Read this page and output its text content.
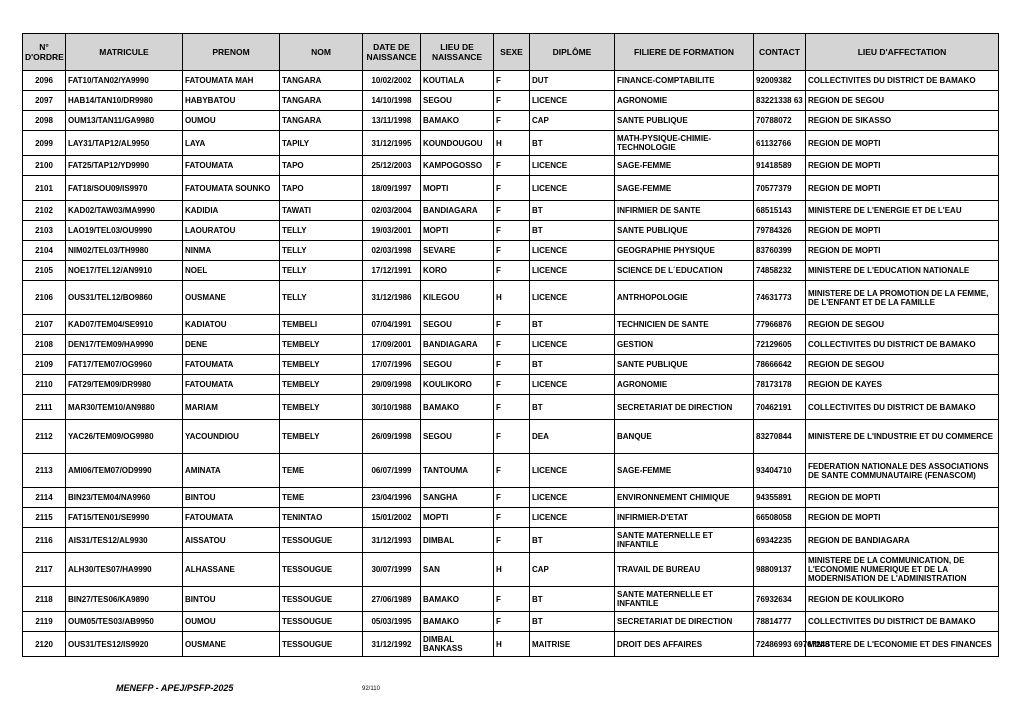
N° D'ORDRE	MATRICULE	PRENOM	NOM	DATE DE NAISSANCE	LIEU DE NAISSANCE	SEXE	DIPLÔME	FILIERE DE FORMATION	CONTACT	LIEU D'AFFECTATION
2096	FAT10/TAN02/YA9990	FATOUMATA MAH	TANGARA	10/02/2002	KOUTIALA	F	DUT	FINANCE-COMPTABILITE	92009382	COLLECTIVITES DU DISTRICT DE BAMAKO
2097	HAB14/TAN10/DR9980	HABYBATOU	TANGARA	14/10/1998	SEGOU	F	LICENCE	AGRONOMIE	83221338 63	REGION DE SEGOU
2098	OUM13/TAN11/GA9980	OUMOU	TANGARA	13/11/1998	BAMAKO	F	CAP	SANTE PUBLIQUE	70788072	REGION DE SIKASSO
2099	LAY31/TAP12/AL9950	LAYA	TAPILY	31/12/1995	KOUNDOUGOU	H	BT	MATH-PYSIQUE-CHIMIE-TECHNOLOGIE	61132766	REGION DE MOPTI
2100	FAT25/TAP12/YD9990	FATOUMATA	TAPO	25/12/2003	KAMPOGOSSO	F	LICENCE	SAGE-FEMME	91418589	REGION DE MOPTI
2101	FAT18/SOU09/IS9970	FATOUMATA SOUNKO	TAPO	18/09/1997	MOPTI	F	LICENCE	SAGE-FEMME	70577379	REGION DE MOPTI
2102	KAD02/TAW03/MA9990	KADIDIA	TAWATI	02/03/2004	BANDIAGARA	F	BT	INFIRMIER DE SANTE	68515143	MINISTERE DE L'ENERGIE ET DE L'EAU
2103	LAO19/TEL03/OU9990	LAOURATOU	TELLY	19/03/2001	MOPTI	F	BT	SANTE PUBLIQUE	79784326	REGION DE MOPTI
2104	NIM02/TEL03/TH9980	NINMA	TELLY	02/03/1998	SEVARE	F	LICENCE	GEOGRAPHIE PHYSIQUE	83760399	REGION DE MOPTI
2105	NOE17/TEL12/AN9910	NOEL	TELLY	17/12/1991	KORO	F	LICENCE	SCIENCE DE L´EDUCATION	74858232	MINISTERE DE L'EDUCATION NATIONALE
2106	OUS31/TEL12/BO9860	OUSMANE	TELLY	31/12/1986	KILEGOU	H	LICENCE	ANTRHOPOLOGIE	74631773	MINISTERE DE LA PROMOTION DE LA FEMME, DE L'ENFANT ET DE LA FAMILLE
2107	KAD07/TEM04/SE9910	KADIATOU	TEMBELI	07/04/1991	SEGOU	F	BT	TECHNICIEN DE SANTE	77966876	REGION DE SEGOU
2108	DEN17/TEM09/HA9990	DENE	TEMBELY	17/09/2001	BANDIAGARA	F	LICENCE	GESTION	72129605	COLLECTIVITES DU DISTRICT DE BAMAKO
2109	FAT17/TEM07/OG9960	FATOUMATA	TEMBELY	17/07/1996	SEGOU	F	BT	SANTE PUBLIQUE	78666642	REGION DE SEGOU
2110	FAT29/TEM09/DR9980	FATOUMATA	TEMBELY	29/09/1998	KOULIKORO	F	LICENCE	AGRONOMIE	78173178	REGION DE KAYES
2111	MAR30/TEM10/AN9880	MARIAM	TEMBELY	30/10/1988	BAMAKO	F	BT	SECRETARIAT DE DIRECTION	70462191	COLLECTIVITES DU DISTRICT DE BAMAKO
2112	YAC26/TEM09/OG9980	YACOUNDIOU	TEMBELY	26/09/1998	SEGOU	F	DEA	BANQUE	83270844	MINISTERE DE L'INDUSTRIE ET DU COMMERCE
2113	AMI06/TEM07/OD9990	AMINATA	TEME	06/07/1999	TANTOUMA	F	LICENCE	SAGE-FEMME	93404710	FEDERATION NATIONALE DES ASSOCIATIONS DE SANTE COMMUNAUTAIRE (FENASCOM)
2114	BIN23/TEM04/NA9960	BINTOU	TEME	23/04/1996	SANGHA	F	LICENCE	ENVIRONNEMENT CHIMIQUE	94355891	REGION DE MOPTI
2115	FAT15/TEN01/SE9990	FATOUMATA	TENINTAO	15/01/2002	MOPTI	F	LICENCE	INFIRMIER-D'ETAT	66508058	REGION DE MOPTI
2116	AIS31/TES12/AL9930	AISSATOU	TESSOUGUE	31/12/1993	DIMBAL	F	BT	SANTE MATERNELLE ET INFANTILE	69342235	REGION DE BANDIAGARA
2117	ALH30/TES07/HA9990	ALHASSANE	TESSOUGUE	30/07/1999	SAN	H	CAP	TRAVAIL DE BUREAU	98809137	MINISTERE DE LA COMMUNICATION, DE L'ECONOMIE NUMERIQUE ET DE LA MODERNISATION DE L'ADMINISTRATION
2118	BIN27/TES06/KA9890	BINTOU	TESSOUGUE	27/06/1989	BAMAKO	F	BT	SANTE MATERNELLE ET INFANTILE	76932634	REGION DE KOULIKORO
2119	OUM05/TES03/AB9950	OUMOU	TESSOUGUE	05/03/1995	BAMAKO	F	BT	SECRETARIAT DE DIRECTION	78814777	COLLECTIVITES DU DISTRICT DE BAMAKO
2120	OUS31/TES12/IS9920	OUSMANE	TESSOUGUE	31/12/1992	DIMBAL BANKASS	H	MAITRISE	DROIT DES AFFAIRES	72486993 69767248	MINISTERE DE L'ECONOMIE ET DES FINANCES
MENEFP - APEJ/PSFP-2025	92/110
